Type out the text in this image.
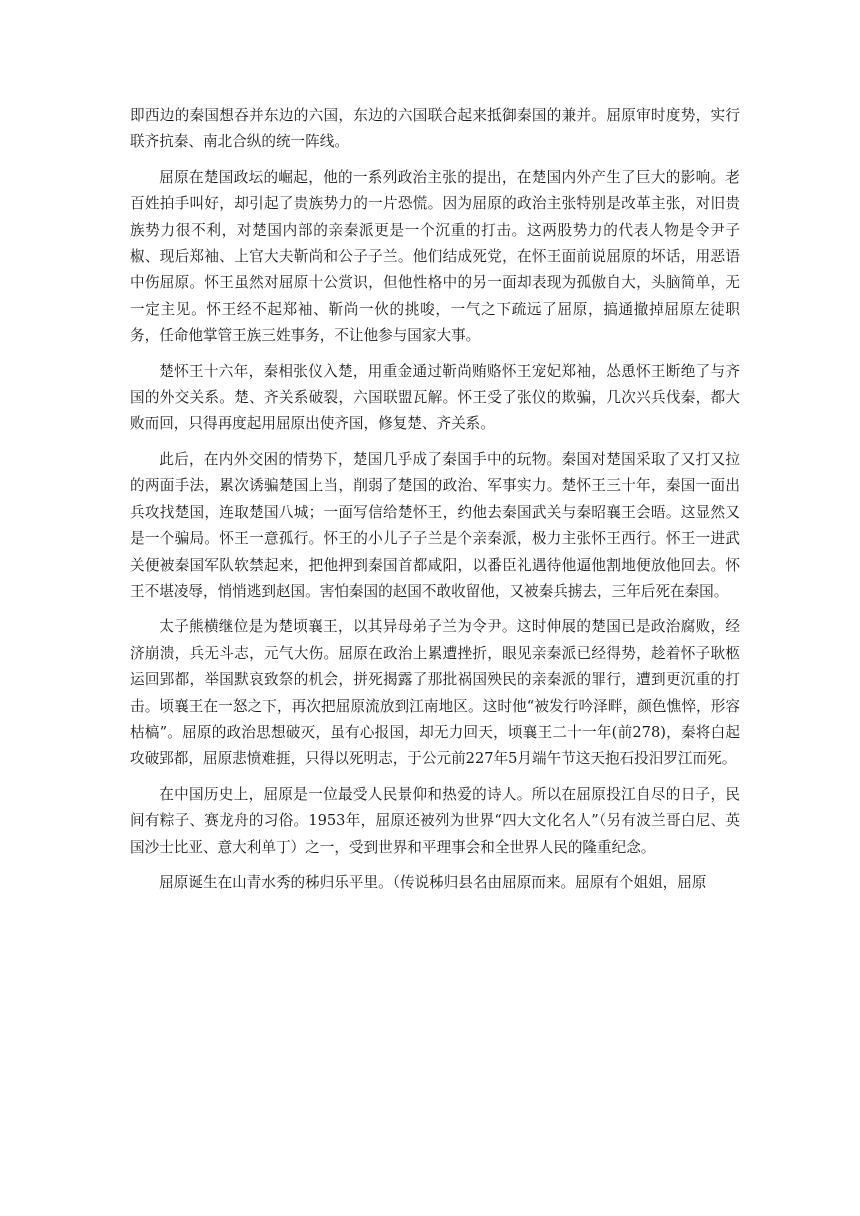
即西边的秦国想吞并东边的六国，东边的六国联合起来抵御秦国的兼并。屈原审时度势，实行联齐抗秦、南北合纵的统一阵线。

屈原在楚国政坛的崛起，他的一系列政治主张的提出，在楚国内外产生了巨大的影响。老百姓拍手叫好，却引起了贵族势力的一片恐慌。因为屈原的政治主张特别是改革主张，对旧贵族势力很不利，对楚国内部的亲秦派更是一个沉重的打击。这两股势力的代表人物是令尹子椒、现后郑袖、上官大夫靳尚和公子子兰。他们结成死党，在怀王面前说屈原的坏话，用恶语中伤屈原。怀王虽然对屈原十公赏识，但他性格中的另一面却表现为孤傲自大，头脑简单，无一定主见。怀王经不起郑袖、靳尚一伙的挑唆，一气之下疏远了屈原，搞通撤掉屈原左徒职务，任命他掌管王族三姓事务，不让他参与国家大事。

楚怀王十六年，秦相张仪入楚，用重金通过靳尚贿赂怀王宠妃郑袖，怂恿怀王断绝了与齐国的外交关系。楚、齐关系破裂，六国联盟瓦解。怀王受了张仪的欺骗，几次兴兵伐秦，都大败而回，只得再度起用屈原出使齐国，修复楚、齐关系。

此后，在内外交困的情势下，楚国几乎成了秦国手中的玩物。秦国对楚国采取了又打又拉的两面手法，累次诱骗楚国上当，削弱了楚国的政治、军事实力。楚怀王三十年，秦国一面出兵攻找楚国，连取楚国八城；一面写信给楚怀王，约他去秦国武关与秦昭襄王会晤。这显然又是一个骗局。怀王一意孤行。怀王的小儿子子兰是个亲秦派，极力主张怀王西行。怀王一进武关便被秦国军队软禁起来，把他押到秦国首都咸阳，以番臣礼遇待他逼他割地便放他回去。怀王不堪凌辱，悄悄逃到赵国。害怕秦国的赵国不敢收留他，又被秦兵掳去，三年后死在秦国。

太子熊横继位是为楚顷襄王，以其异母弟子兰为令尹。这时伸展的楚国已是政治腐败，经济崩溃，兵无斗志，元气大伤。屈原在政治上累遭挫折，眼见亲秦派已经得势，趁着怀子耿柩运回郢都，举国默哀致祭的机会，拼死揭露了那批祸国殃民的亲秦派的罪行，遭到更沉重的打击。顷襄王在一怒之下，再次把屈原流放到江南地区。这时他“被发行吟泽畔，颜色憔悴，形容枯槁”。屈原的政治思想破灭，虽有心报国，却无力回天，顷襄王二十一年(前278)，秦将白起攻破郢都，屈原悲愤难捱，只得以死明志，于公元前227年5月端午节这天抱石投汨罗江而死。

在中国历史上，屈原是一位最受人民景仰和热爱的诗人。所以在屈原投江自尽的日子，民间有粽子、赛龙舟的习俗。1953年，屈原还被列为世界“四大文化名人”（另有波兰哥白尼、英国沙士比亚、意大利单丁）之一，受到世界和平理事会和全世界人民的隆重纪念。

屈原诞生在山青水秀的秭归乐平里。（传说秭归县名由屈原而来。屈原有个姐姐，屈原
